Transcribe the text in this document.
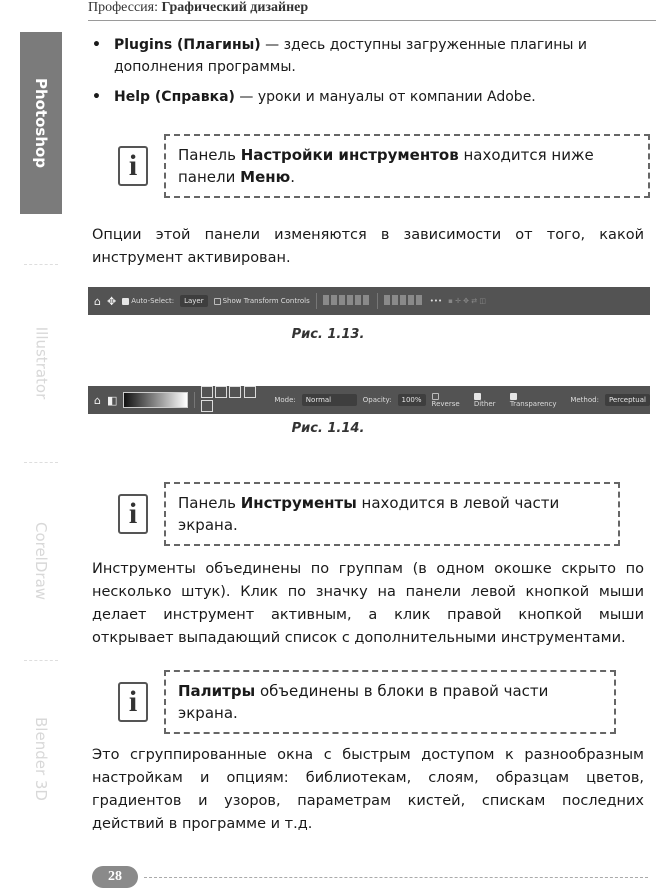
Профессия: Графический дизайнер
Photoshop
Illustrator
CorelDraw
Blender 3D
• Plugins (Плагины) — здесь доступны загруженные плагины и дополнения программы.
• Help (Справка) — уроки и мануалы от компании Adobe.
i	Панель Настройки инструментов находится ниже панели Меню.
Опции этой панели изменяются в зависимости от того, какой инструмент активирован.
⌂ ✥	Auto-Select:	Layer	Show Transform Controls	••• ▪ ✛ ✥ ⇄ ◫
Рис. 1.13.
⌂ ◧
	Mode:	Normal	Opacity:	100%	Reverse	Dither	Transparency	Method:	Perceptual
Рис. 1.14.
i	Панель Инструменты находится в левой части экрана.
Инструменты объединены по группам (в одном окошке скрыто по несколько штук). Клик по значку на панели левой кнопкой мыши делает инструмент активным, а клик правой кнопкой мыши открывает выпадающий список с дополнительными инструментами.
i	Палитры объединены в блоки в правой части экрана.
Это сгруппированные окна с быстрым доступом к разнообразным настройкам и опциям: библиотекам, слоям, образцам цветов, градиентов и узоров, параметрам кистей, спискам последних действий в программе и т.д.
28
